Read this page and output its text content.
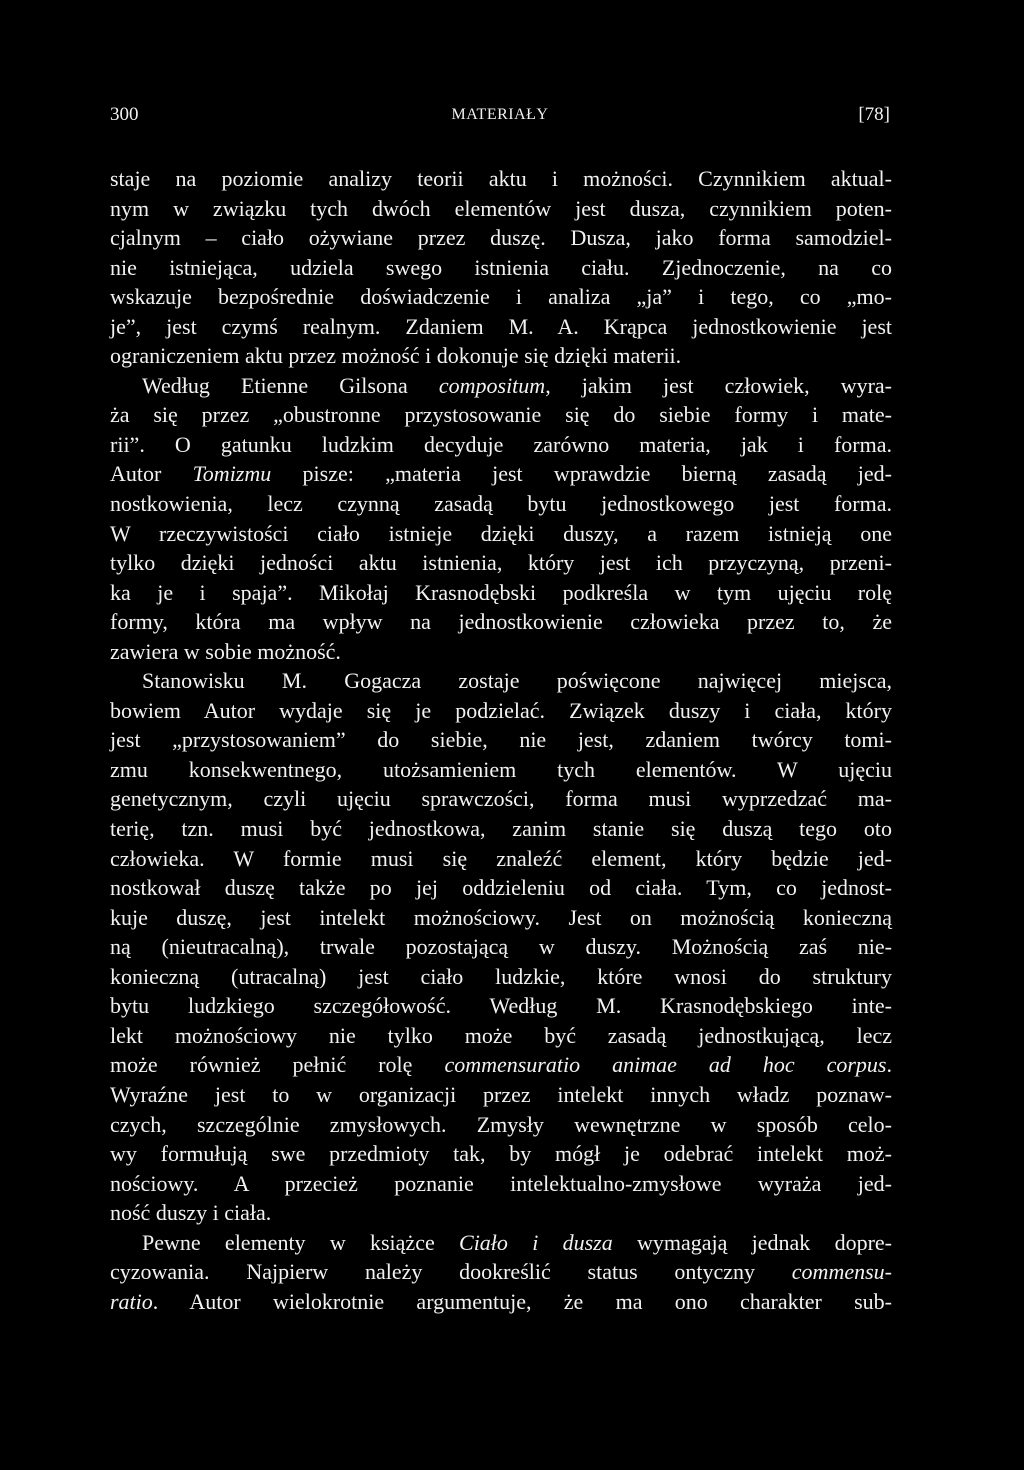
300	MATERIAŁY	[78]
staje na poziomie analizy teorii aktu i możności. Czynnikiem aktual-
nym w związku tych dwóch elementów jest dusza, czynnikiem poten-
cjalnym – ciało ożywiane przez duszę. Dusza, jako forma samodziel-
nie istniejąca, udziela swego istnienia ciału. Zjednoczenie, na co
wskazuje bezpośrednie doświadczenie i analiza „ja” i tego, co „mo-
je”, jest czymś realnym. Zdaniem M. A. Krąpca jednostkowienie jest
ograniczeniem aktu przez możność i dokonuje się dzięki materii.
Według Etienne Gilsona compositum, jakim jest człowiek, wyra-
ża się przez „obustronne przystosowanie się do siebie formy i mate-
rii”. O gatunku ludzkim decyduje zarówno materia, jak i forma.
Autor Tomizmu pisze: „materia jest wprawdzie bierną zasadą jed-
nostkowienia, lecz czynną zasadą bytu jednostkowego jest forma.
W rzeczywistości ciało istnieje dzięki duszy, a razem istnieją one
tylko dzięki jedności aktu istnienia, który jest ich przyczyną, przeni-
ka je i spaja”. Mikołaj Krasnodębski podkreśla w tym ujęciu rolę
formy, która ma wpływ na jednostkowienie człowieka przez to, że
zawiera w sobie możność.
Stanowisku M. Gogacza zostaje poświęcone najwięcej miejsca,
bowiem Autor wydaje się je podzielać. Związek duszy i ciała, który
jest „przystosowaniem” do siebie, nie jest, zdaniem twórcy tomi-
zmu konsekwentnego, utożsamieniem tych elementów. W ujęciu
genetycznym, czyli ujęciu sprawczości, forma musi wyprzedzać ma-
terię, tzn. musi być jednostkowa, zanim stanie się duszą tego oto
człowieka. W formie musi się znaleźć element, który będzie jed-
nostkował duszę także po jej oddzieleniu od ciała. Tym, co jednost-
kuje duszę, jest intelekt możnościowy. Jest on możnością konieczną
ną (nieutracalną), trwale pozostającą w duszy. Możnością zaś nie-
konieczną (utracalną) jest ciało ludzkie, które wnosi do struktury
bytu ludzkiego szczegółowość. Według M. Krasnodębskiego inte-
lekt możnościowy nie tylko może być zasadą jednostkującą, lecz
może również pełnić rolę commensuratio animae ad hoc corpus.
Wyraźne jest to w organizacji przez intelekt innych władz poznaw-
czych, szczególnie zmysłowych. Zmysły wewnętrzne w sposób celo-
wy formułują swe przedmioty tak, by mógł je odebrać intelekt moż-
nościowy. A przecież poznanie intelektualno-zmysłowe wyraża jed-
ność duszy i ciała.
Pewne elementy w książce Ciało i dusza wymagają jednak dopre-
cyzowania. Najpierw należy dookreślić status ontyczny commensu-
ratio. Autor wielokrotnie argumentuje, że ma ono charakter sub-
